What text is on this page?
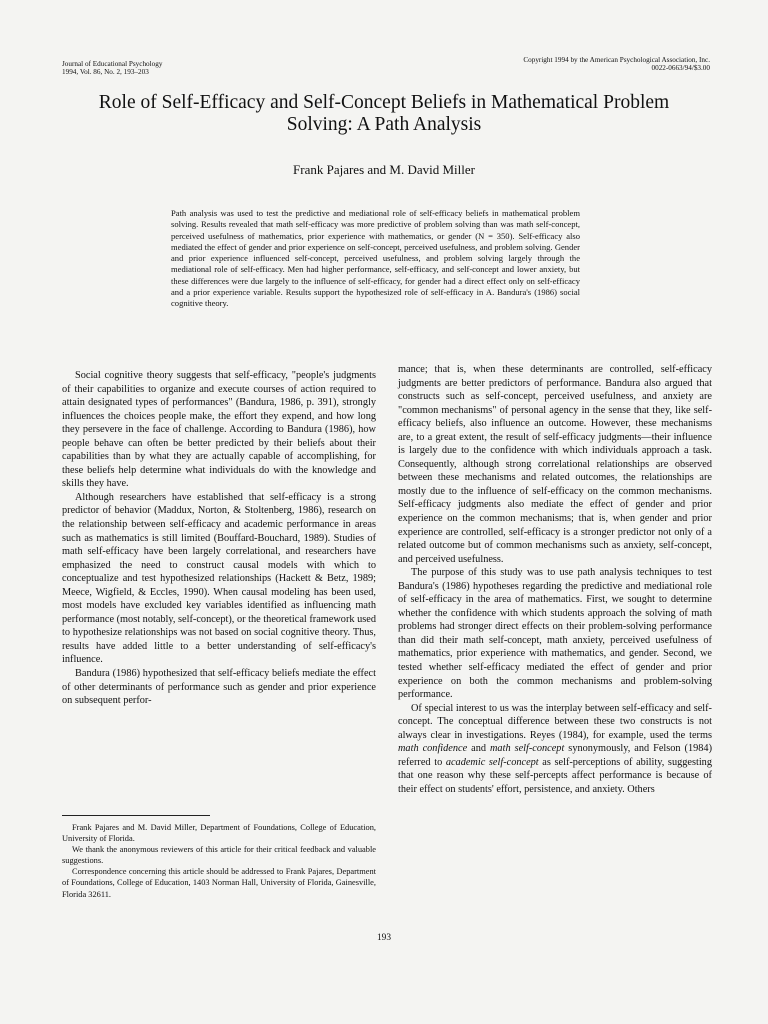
Journal of Educational Psychology
1994, Vol. 86, No. 2, 193–203
Copyright 1994 by the American Psychological Association, Inc.
0022-0663/94/$3.00
Role of Self-Efficacy and Self-Concept Beliefs in Mathematical Problem
Solving: A Path Analysis
Frank Pajares and M. David Miller

Path analysis was used to test the predictive and mediational role of self-efficacy beliefs in mathematical problem solving. Results revealed that math self-efficacy was more predictive of problem solving than was math self-concept, perceived usefulness of mathematics, prior experience with mathematics, or gender (N = 350). Self-efficacy also mediated the effect of gender and prior experience on self-concept, perceived usefulness, and problem solving. Gender and prior experience influenced self-concept, perceived usefulness, and problem solving largely through the mediational role of self-efficacy. Men had higher performance, self-efficacy, and self-concept and lower anxiety, but these differences were due largely to the influence of self-efficacy, for gender had a direct effect only on self-efficacy and a prior experience variable. Results support the hypothesized role of self-efficacy in A. Bandura's (1986) social cognitive theory.

Social cognitive theory suggests that self-efficacy, "people's judgments of their capabilities to organize and execute courses of action required to attain designated types of performances" (Bandura, 1986, p. 391), strongly influences the choices people make, the effort they expend, and how long they persevere in the face of challenge. According to Bandura (1986), how people behave can often be better predicted by their beliefs about their capabilities than by what they are actually capable of accomplishing, for these beliefs help determine what individuals do with the knowledge and skills they have.

Although researchers have established that self-efficacy is a strong predictor of behavior (Maddux, Norton, & Stoltenberg, 1986), research on the relationship between self-efficacy and academic performance in areas such as mathematics is still limited (Bouffard-Bouchard, 1989). Studies of math self-efficacy have been largely correlational, and researchers have emphasized the need to construct causal models with which to conceptualize and test hypothesized relationships (Hackett & Betz, 1989; Meece, Wigfield, & Eccles, 1990). When causal modeling has been used, most models have excluded key variables identified as influencing math performance (most notably, self-concept), or the theoretical framework used to hypothesize relationships was not based on social cognitive theory. Thus, results have added little to a better understanding of self-efficacy's influence.

Bandura (1986) hypothesized that self-efficacy beliefs mediate the effect of other determinants of performance such as gender and prior experience on subsequent perfor-

Frank Pajares and M. David Miller, Department of Foundations, College of Education, University of Florida.

We thank the anonymous reviewers of this article for their critical feedback and valuable suggestions.

Correspondence concerning this article should be addressed to Frank Pajares, Department of Foundations, College of Education, 1403 Norman Hall, University of Florida, Gainesville, Florida 32611.

mance; that is, when these determinants are controlled, self-efficacy judgments are better predictors of performance. Bandura also argued that constructs such as self-concept, perceived usefulness, and anxiety are "common mechanisms" of personal agency in the sense that they, like self-efficacy beliefs, also influence an outcome. However, these mechanisms are, to a great extent, the result of self-efficacy judgments—their influence is largely due to the confidence with which individuals approach a task. Consequently, although strong correlational relationships are observed between these mechanisms and related outcomes, the relationships are mostly due to the influence of self-efficacy on the common mechanisms. Self-efficacy judgments also mediate the effect of gender and prior experience on the common mechanisms; that is, when gender and prior experience are controlled, self-efficacy is a stronger predictor not only of a related outcome but of common mechanisms such as anxiety, self-concept, and perceived usefulness.

The purpose of this study was to use path analysis techniques to test Bandura's (1986) hypotheses regarding the predictive and mediational role of self-efficacy in the area of mathematics. First, we sought to determine whether the confidence with which students approach the solving of math problems had stronger direct effects on their problem-solving performance than did their math self-concept, math anxiety, perceived usefulness of mathematics, prior experience with mathematics, and gender. Second, we tested whether self-efficacy mediated the effect of gender and prior experience on both the common mechanisms and problem-solving performance.

Of special interest to us was the interplay between self-efficacy and self-concept. The conceptual difference between these two constructs is not always clear in investigations. Reyes (1984), for example, used the terms math confidence and math self-concept synonymously, and Felson (1984) referred to academic self-concept as self-perceptions of ability, suggesting that one reason why these self-percepts affect performance is because of their effect on students' effort, persistence, and anxiety. Others

193
